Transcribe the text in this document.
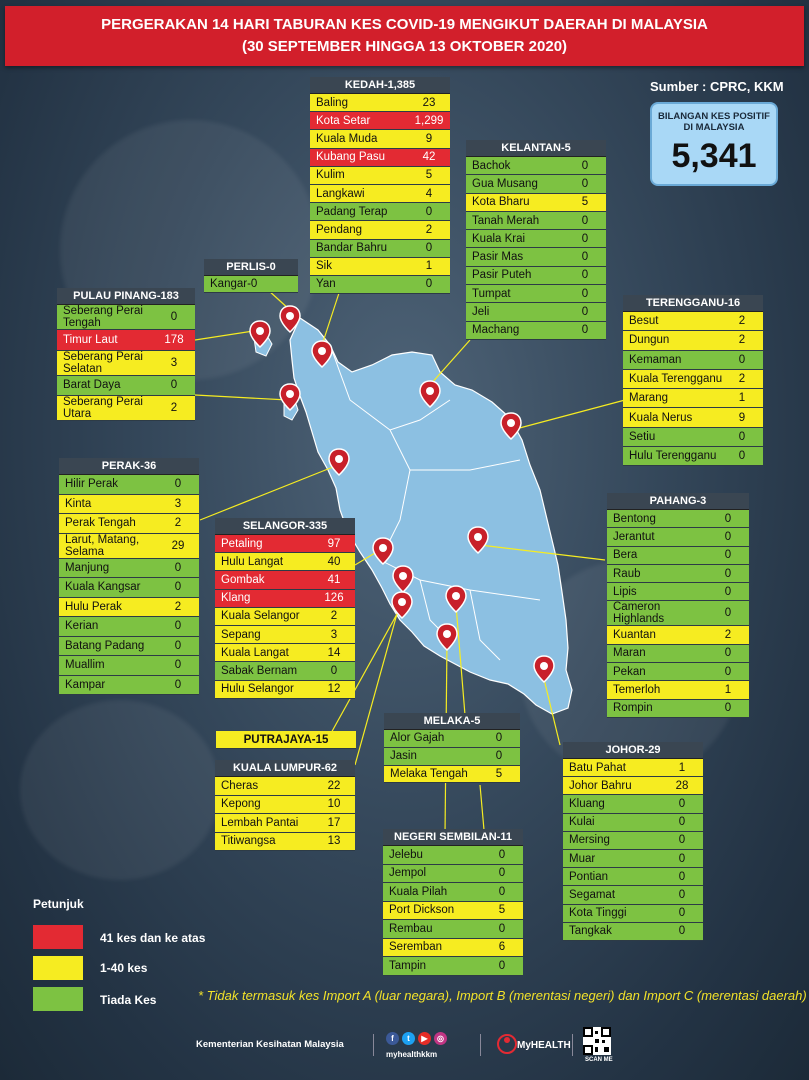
PERGERAKAN 14 HARI TABURAN KES COVID-19 MENGIKUT DAERAH DI MALAYSIA
(30 SEPTEMBER HINGGA 13 OKTOBER 2020)
Sumber : CPRC, KKM
BILANGAN KES POSITIF DI MALAYSIA
5,341
KEDAH-1,385
Baling	23
Kota Setar	1,299
Kuala Muda	9
Kubang Pasu	42
Kulim	5
Langkawi	4
Padang Terap	0
Pendang	2
Bandar Bahru	0
Sik	1
Yan	0
KELANTAN-5
Bachok	0
Gua Musang	0
Kota Bharu	5
Tanah Merah	0
Kuala Krai	0
Pasir Mas	0
Pasir Puteh	0
Tumpat	0
Jeli	0
Machang	0
PERLIS-0
Kangar-0
PULAU PINANG-183
Seberang Perai Tengah	0
Timur Laut	178
Seberang Perai Selatan	3
Barat Daya	0
Seberang Perai Utara	2
TERENGGANU-16
Besut	2
Dungun	2
Kemaman	0
Kuala Terengganu	2
Marang	1
Kuala Nerus	9
Setiu	0
Hulu Terengganu	0
PERAK-36
Hilir Perak	0
Kinta	3
Perak Tengah	2
Larut, Matang, Selama	29
Manjung	0
Kuala Kangsar	0
Hulu Perak	2
Kerian	0
Batang Padang	0
Muallim	0
Kampar	0
SELANGOR-335
Petaling	97
Hulu Langat	40
Gombak	41
Klang	126
Kuala Selangor	2
Sepang	3
Kuala Langat	14
Sabak Bernam	0
Hulu Selangor	12
PAHANG-3
Bentong	0
Jerantut	0
Bera	0
Raub	0
Lipis	0
Cameron Highlands	0
Kuantan	2
Maran	0
Pekan	0
Temerloh	1
Rompin	0
KUALA LUMPUR-62
Cheras	22
Kepong	10
Lembah Pantai	17
Titiwangsa	13
MELAKA-5
Alor Gajah	0
Jasin	0
Melaka Tengah	5
JOHOR-29
Batu Pahat	1
Johor Bahru	28
Kluang	0
Kulai	0
Mersing	0
Muar	0
Pontian	0
Segamat	0
Kota Tinggi	0
Tangkak	0
NEGERI SEMBILAN-11
Jelebu	0
Jempol	0
Kuala Pilah	0
Port Dickson	5
Rembau	0
Seremban	6
Tampin	0
PUTRAJAYA-15
Petunjuk
41 kes dan ke atas
1-40 kes
Tiada Kes	* Tidak termasuk kes Import A (luar negara), Import B (merentasi negeri) dan Import C (merentasi daerah)
Kementerian Kesihatan Malaysia
f	t	▶	◎
myhealthkkm
MyHEALTH
SCAN ME
